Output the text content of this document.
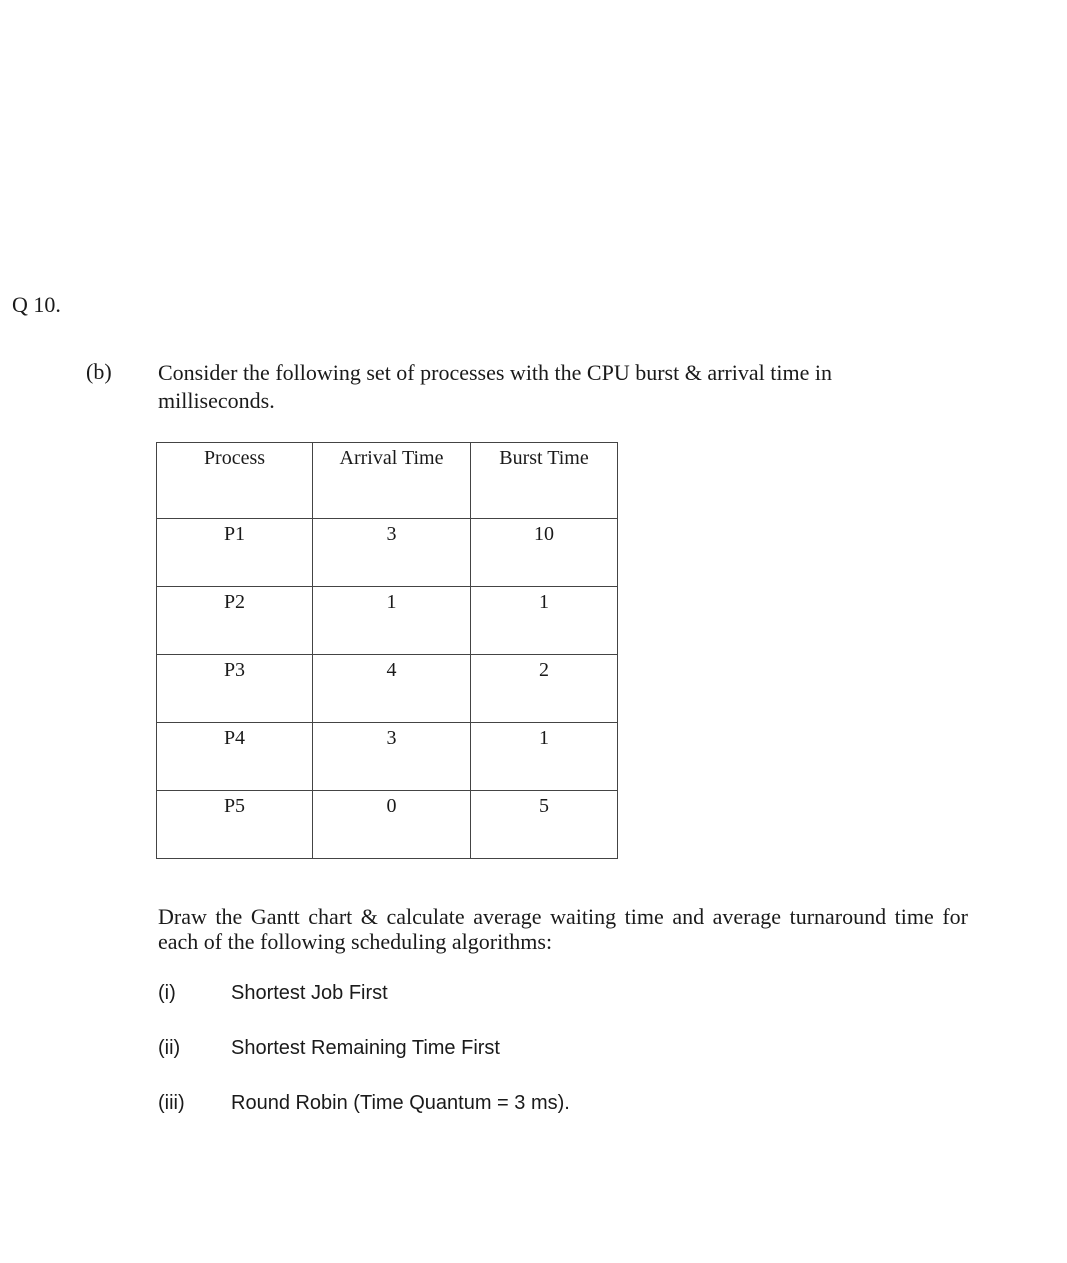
Q 10.
(b) Consider the following set of processes with the CPU burst & arrival time in milliseconds.
Process	Arrival Time	Burst Time
P1	3	10
P2	1	1
P3	4	2
P4	3	1
P5	0	5
Draw the Gantt chart & calculate average waiting time and average turnaround time for each of the following scheduling algorithms:
(i)	Shortest Job First
(ii)	Shortest Remaining Time First
(iii) Round Robin (Time Quantum = 3 ms).
